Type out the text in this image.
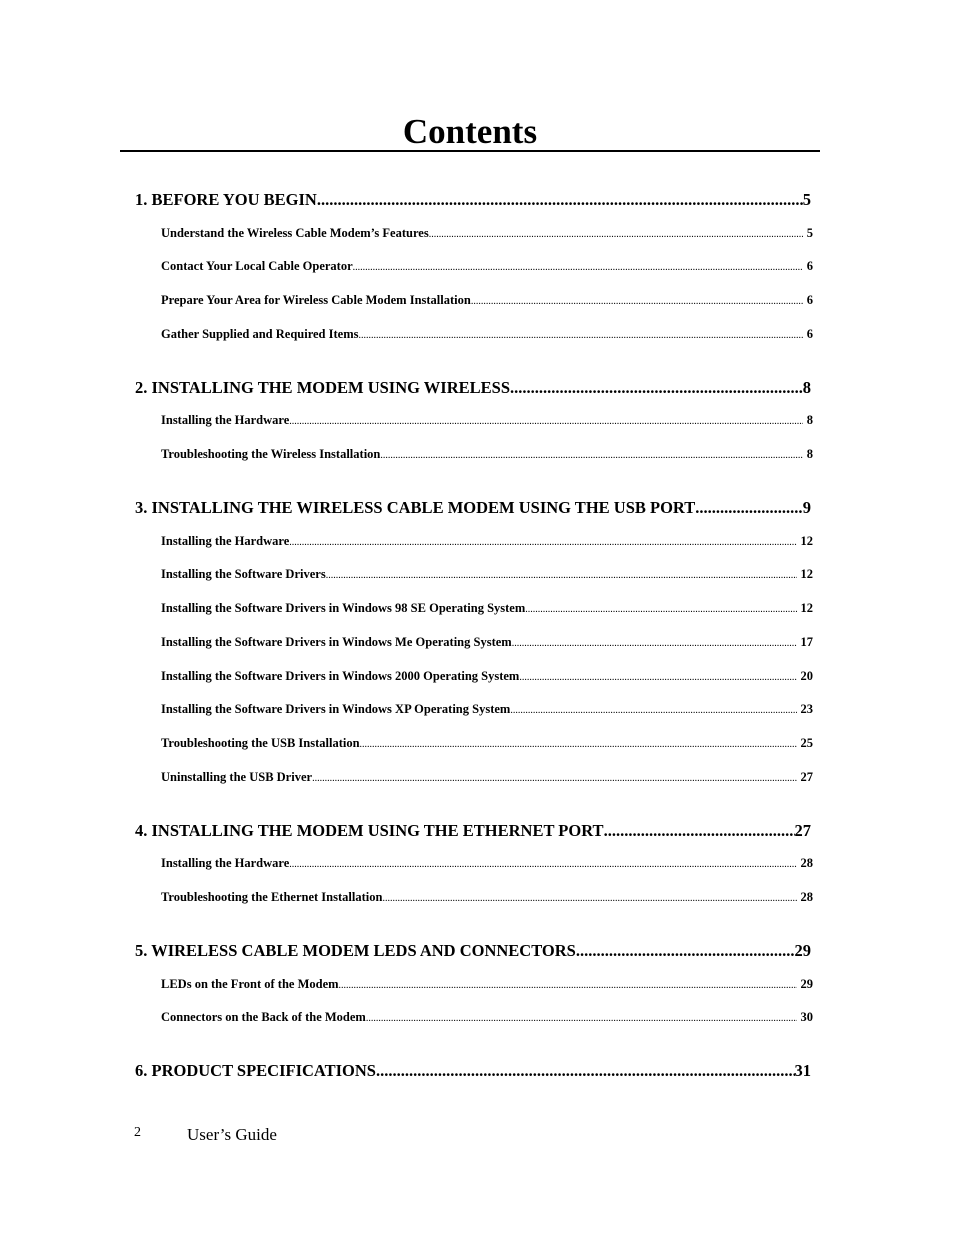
Contents
1. BEFORE YOU BEGIN .....	5
Understand the Wireless Cable Modem’s Features .....	5
Contact Your Local Cable Operator .....	6
Prepare Your Area for Wireless Cable Modem Installation .....	6
Gather Supplied and Required Items .....	6
2. INSTALLING THE MODEM USING WIRELESS .....	8
Installing the Hardware .....	8
Troubleshooting the Wireless Installation .....	8
3. INSTALLING THE WIRELESS CABLE MODEM USING THE USB PORT .....	9
Installing the Hardware .....	12
Installing the Software Drivers .....	12
Installing the Software Drivers in Windows 98 SE Operating System .....	12
Installing the Software Drivers in Windows Me Operating System .....	17
Installing the Software Drivers in Windows 2000 Operating System .....	20
Installing the Software Drivers in Windows XP Operating System .....	23
Troubleshooting the USB Installation .....	25
Uninstalling the USB Driver .....	27
4. INSTALLING THE MODEM USING THE ETHERNET PORT .....	27
Installing the Hardware .....	28
Troubleshooting the Ethernet Installation .....	28
5. WIRELESS CABLE MODEM LEDS AND CONNECTORS .....	29
LEDs on the Front of the Modem .....	29
Connectors on the Back of the Modem .....	30
6. PRODUCT SPECIFICATIONS .....	31
2	User’s Guide
